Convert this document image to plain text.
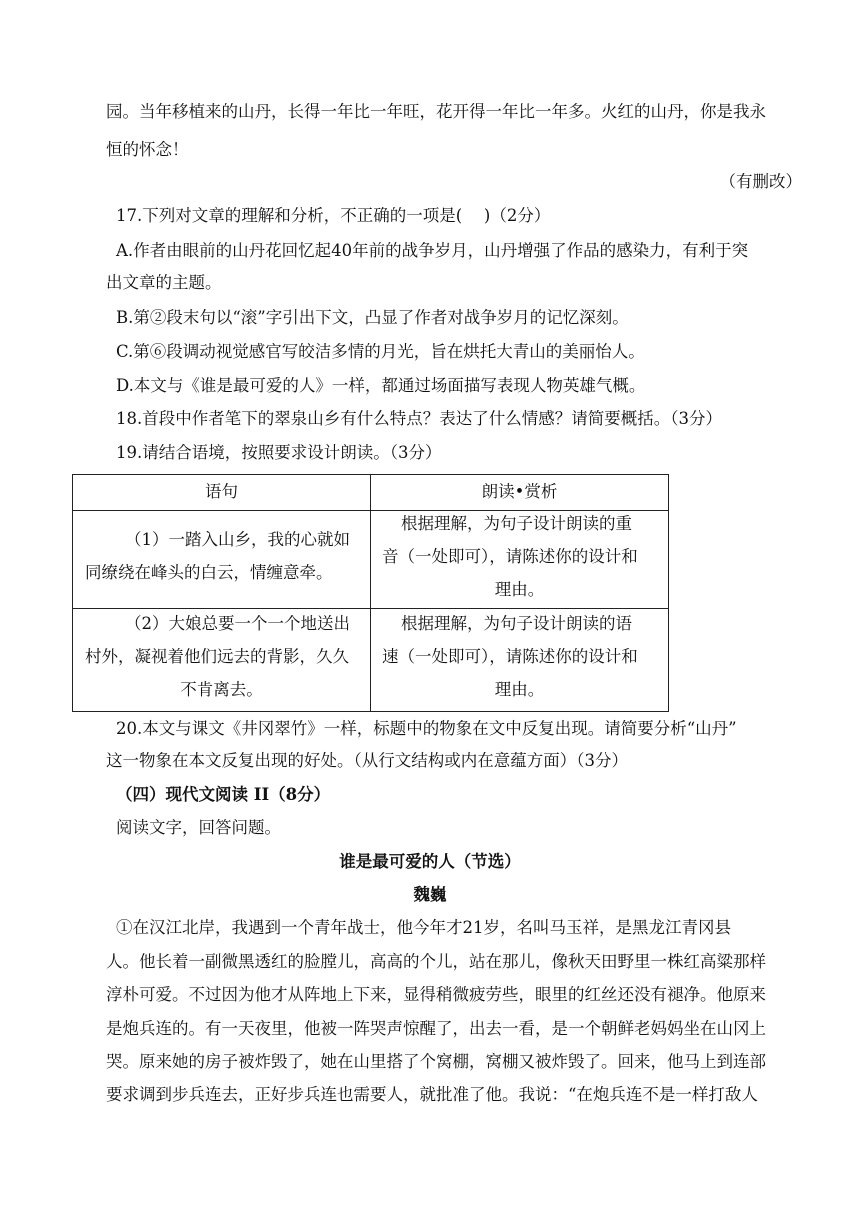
园。当年移植来的山丹，长得一年比一年旺，花开得一年比一年多。火红的山丹，你是我永
恒的怀念！
（有删改）
17.下列对文章的理解和分析，不正确的一项是(　 )（2分）
A.作者由眼前的山丹花回忆起40年前的战争岁月，山丹增强了作品的感染力，有利于突
出文章的主题。
B.第②段末句以“滚”字引出下文，凸显了作者对战争岁月的记忆深刻。
C.第⑥段调动视觉感官写皎洁多情的月光，旨在烘托大青山的美丽怡人。
D.本文与《谁是最可爱的人》一样，都通过场面描写表现人物英雄气概。
18.首段中作者笔下的翠泉山乡有什么特点？表达了什么情感？请简要概括。（3分）
19.请结合语境，按照要求设计朗读。（3分）
语句	朗读•赏析
（1）一踏入山乡，我的心就如
同缭绕在峰头的白云，情缠意牵。
根据理解，为句子设计朗读的重
音（一处即可），请陈述你的设计和
理由。
（2）大娘总要一个一个地送出
村外，凝视着他们远去的背影，久久
不肯离去。
根据理解，为句子设计朗读的语
速（一处即可），请陈述你的设计和
理由。
20.本文与课文《井冈翠竹》一样，标题中的物象在文中反复出现。请简要分析“山丹”
这一物象在本文反复出现的好处。（从行文结构或内在意蕴方面）（3分）
（四）现代文阅读 II（8分）
阅读文字，回答问题。
谁是最可爱的人（节选）
魏巍
①在汉江北岸，我遇到一个青年战士，他今年才21岁，名叫马玉祥，是黑龙江青冈县
人。他长着一副微黑透红的脸膛儿，高高的个儿，站在那儿，像秋天田野里一株红高粱那样
淳朴可爱。不过因为他才从阵地上下来，显得稍微疲劳些，眼里的红丝还没有褪净。他原来
是炮兵连的。有一天夜里，他被一阵哭声惊醒了，出去一看，是一个朝鲜老妈妈坐在山冈上
哭。原来她的房子被炸毁了，她在山里搭了个窝棚，窝棚又被炸毁了。回来，他马上到连部
要求调到步兵连去，正好步兵连也需要人，就批准了他。我说：“在炮兵连不是一样打敌人
